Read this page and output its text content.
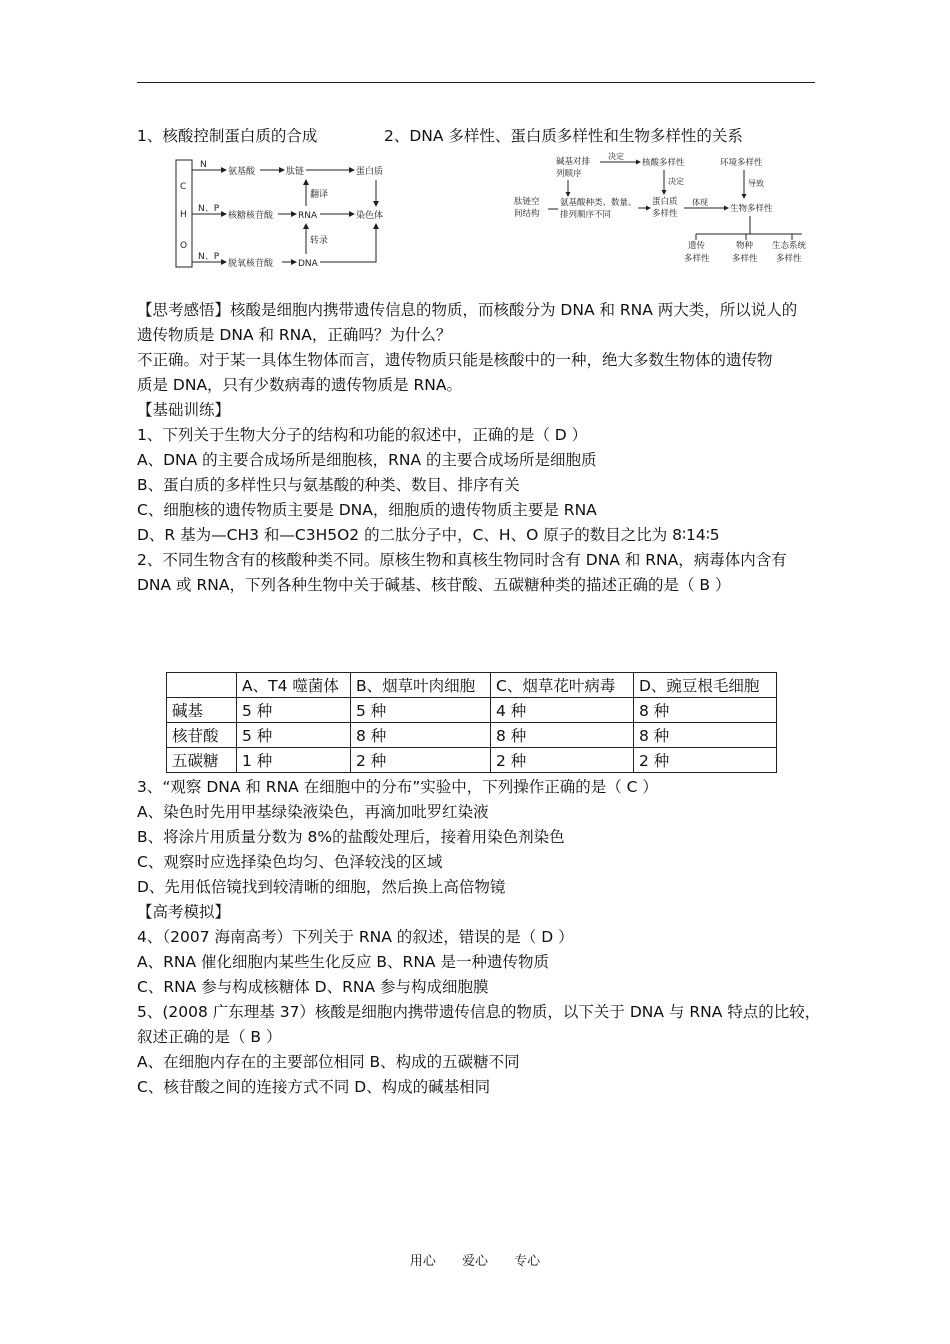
1、核酸控制蛋白质的合成	2、DNA 多样性、蛋白质多样性和生物多样性的关系
C
H
O
N
N、P
N、P
氨基酸
核糖核苷酸
脱氧核苷酸
肽链
RNA
DNA
翻译
转录
蛋白质
染色体
碱基对排
列顺序
决定
核酸多样性	环境多样性
决定	导致
肽链空
间结构
氨基酸种类、数量、
排列顺序不同
蛋白质
多样性
体现
生物多样性
遗传
多样性
物种
多样性
生态系统
多样性
【思考感悟】核酸是细胞内携带遗传信息的物质，而核酸分为 DNA 和 RNA 两大类，所以说人的
遗传物质是 DNA 和 RNA，正确吗？为什么？
不正确。对于某一具体生物体而言，遗传物质只能是核酸中的一种，绝大多数生物体的遗传物
质是 DNA，只有少数病毒的遗传物质是 RNA。
【基础训练】
1、下列关于生物大分子的结构和功能的叙述中，正确的是（ D ）
A、DNA 的主要合成场所是细胞核，RNA 的主要合成场所是细胞质
B、蛋白质的多样性只与氨基酸的种类、数目、排序有关
C、细胞核的遗传物质主要是 DNA，细胞质的遗传物质主要是 RNA
D、R 基为—CH3 和—C3H5O2 的二肽分子中，C、H、O 原子的数目之比为 8∶14∶5
2、不同生物含有的核酸种类不同。原核生物和真核生物同时含有 DNA 和 RNA，病毒体内含有
DNA 或 RNA，下列各种生物中关于碱基、核苷酸、五碳糖种类的描述正确的是（ B ）
	A、T4 噬菌体	B、烟草叶肉细胞	C、烟草花叶病毒	D、豌豆根毛细胞
碱基	5 种	5 种	4 种	8 种
核苷酸	5 种	8 种	8 种	8 种
五碳糖	1 种	2 种	2 种	2 种
3、“观察 DNA 和 RNA 在细胞中的分布”实验中，下列操作正确的是（ C ）
A、染色时先用甲基绿染液染色，再滴加吡罗红染液
B、将涂片用质量分数为 8%的盐酸处理后，接着用染色剂染色
C、观察时应选择染色均匀、色泽较浅的区域
D、先用低倍镜找到较清晰的细胞，然后换上高倍物镜
【高考模拟】
4、（2007 海南高考）下列关于 RNA 的叙述，错误的是（ D ）
A、RNA 催化细胞内某些生化反应 B、RNA 是一种遗传物质
C、RNA 参与构成核糖体 D、RNA 参与构成细胞膜
5、(2008 广东理基 37）核酸是细胞内携带遗传信息的物质，以下关于 DNA 与 RNA 特点的比较，
叙述正确的是（ B ）
A、在细胞内存在的主要部位相同 B、构成的五碳糖不同
C、核苷酸之间的连接方式不同 D、构成的碱基相同
用心 爱心 专心
